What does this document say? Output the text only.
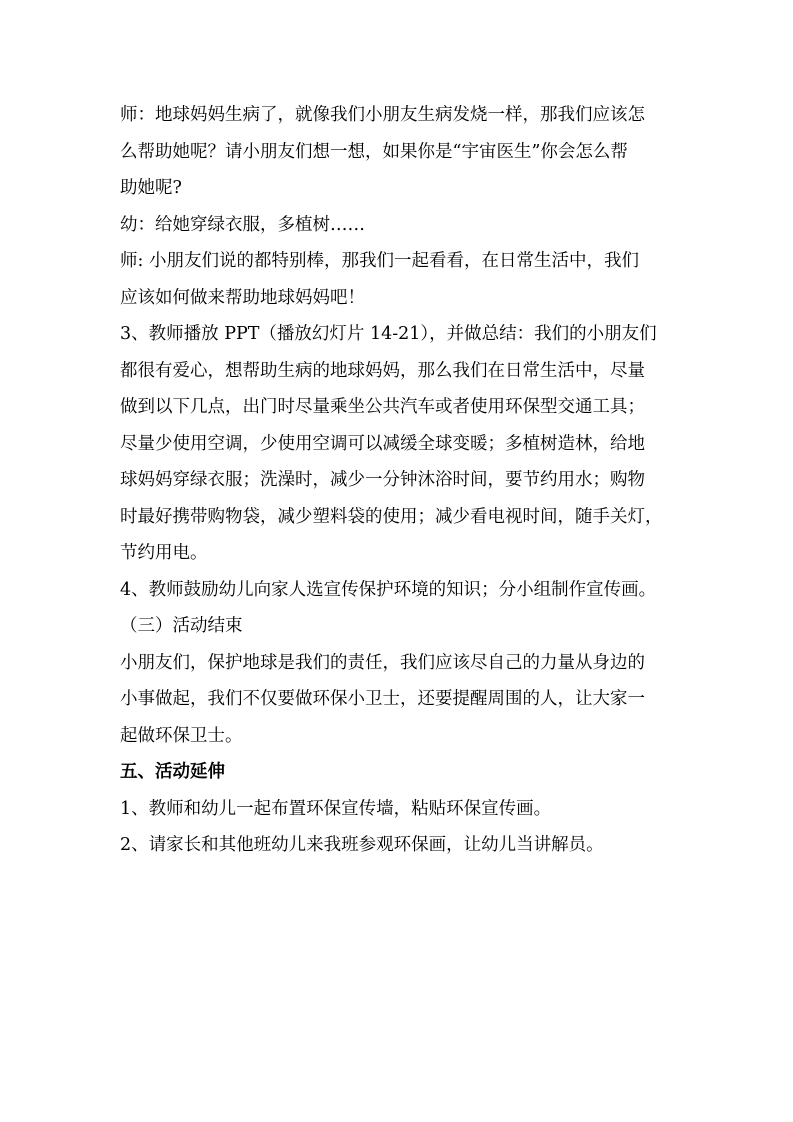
师：地球妈妈生病了，就像我们小朋友生病发烧一样，那我们应该怎
么帮助她呢？请小朋友们想一想，如果你是“宇宙医生”你会怎么帮
助她呢?
幼：给她穿绿衣服，多植树……
师: 小朋友们说的都特别棒，那我们一起看看，在日常生活中，我们
应该如何做来帮助地球妈妈吧！
3、教师播放 PPT（播放幻灯片 14-21），并做总结：我们的小朋友们
都很有爱心，想帮助生病的地球妈妈，那么我们在日常生活中，尽量
做到以下几点，出门时尽量乘坐公共汽车或者使用环保型交通工具；
尽量少使用空调，少使用空调可以减缓全球变暖；多植树造林，给地
球妈妈穿绿衣服；洗澡时，减少一分钟沐浴时间，要节约用水；购物
时最好携带购物袋，减少塑料袋的使用；减少看电视时间，随手关灯，
节约用电。
4、教师鼓励幼儿向家人选宣传保护环境的知识；分小组制作宣传画。
（三）活动结束
小朋友们，保护地球是我们的责任，我们应该尽自己的力量从身边的
小事做起，我们不仅要做环保小卫士，还要提醒周围的人，让大家一
起做环保卫士。
五、活动延伸
1、教师和幼儿一起布置环保宣传墙，粘贴环保宣传画。
2、请家长和其他班幼儿来我班参观环保画，让幼儿当讲解员。
